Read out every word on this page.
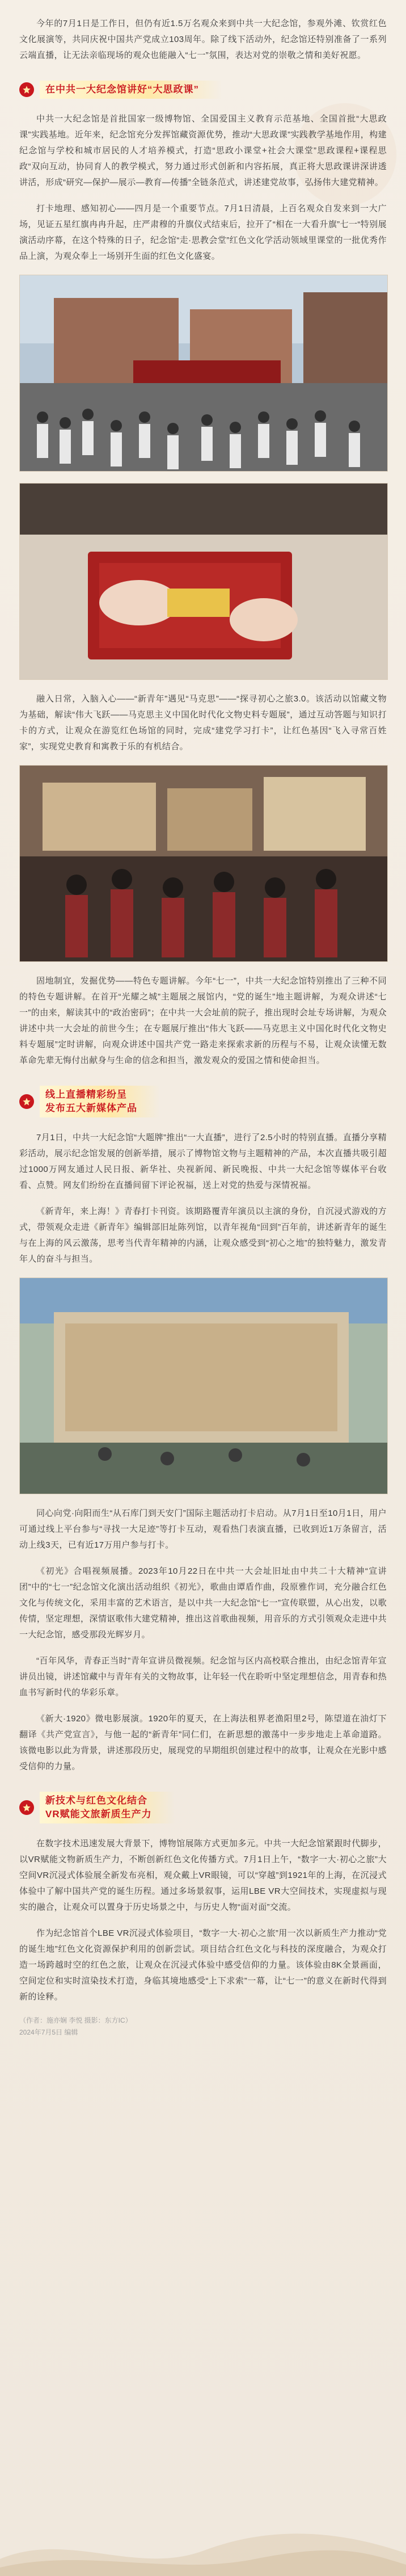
今年的7月1日是工作日，但仍有近1.5万名观众来到中共一大纪念馆，参观外滩、钦赏红色文化展演等，共同庆祝中国共产党成立103周年。除了线下活动外，纪念馆还特别准备了一系列云端直播，让无法亲临现场的观众也能融入“七一”氛围，表达对党的崇敬之情和美好祝愿。

在中共一大纪念馆讲好“大思政课”

中共一大纪念馆是首批国家一级博物馆、全国爱国主义教育示范基地、全国首批“大思政课”实践基地。近年来，纪念馆充分发挥馆藏资源优势，推动“大思政课”实践教学基地作用，构建纪念馆与学校和城市居民的人才培养模式，打造“思政小课堂+社会大课堂”思政课程+课程思政“双向互动，协同育人的教学模式，努力通过形式创新和内容拓展，真正将大思政课讲深讲透讲活，形成“研究—保护—展示—教育—传播”全链条范式，讲述建党故事，弘扬伟大建党精神。

打卡地理、感知初心——四月是一个重要节点。7月1日清晨，上百名观众自发来到一大广场，见证五星红旗冉冉升起，庄严肃穆的升旗仪式结束后，拉开了“相在一大看升旗”七一“特别展演活动序幕，在这个特殊的日子，纪念馆“走·思教会堂”红色文化学活动领域里课堂的一批优秀作品上演，为观众奉上一场别开生面的红色文化盛宴。

融入日常，入脑入心——“新青年”遇见“马克思”——“探寻初心之旅3.0。该活动以馆藏文物为基础，解读“伟大飞跃——马克思主义中国化时代化文物史料专题展”，通过互动答题与知识打卡的方式，让观众在游览红色场馆的同时，完成“建党学习打卡”，让红色基因“飞入寻常百姓家”，实现党史教育和寓教于乐的有机结合。

固地制宜，发掘优势——特色专题讲解。今年“七一”，中共一大纪念馆特别推出了三种不同的特色专题讲解。在首开“光耀之城”主题展之展馆内，“党的诞生”地主题讲解，为观众讲述“七一”的由来，解读其中的“政治密码”；在中共一大会址前的院子，推出现时会址专场讲解，为观众讲述中共一大会址的前世今生；在专题展厅推出“伟大飞跃——马克思主义中国化时代化文物史料专题展”定时讲解，向观众讲述中国共产党一路走来探索求新的历程与不易，让观众读懂无数革命先辈无悔付出献身与生命的信念和担当，激发观众的爱国之情和使命担当。

线上直播精彩纷呈
发布五大新媒体产品

7月1日，中共一大纪念馆“大题牌”推出“一大直播”，进行了2.5小时的特别直播。直播分享精彩活动，展示纪念馆发展的创新举措，展示了博物馆文物与主题精神的产品，本次直播共吸引超过1000万网友通过人民日报、新华社、央视新闻、新民晚报、中共一大纪念馆等媒体平台收看、点赞。网友们纷纷在直播间留下评论祝福，送上对党的热爱与深情祝福。

《新青年，来上海！》青春打卡刊资。该期路覆青年演员以主演的身份，自沉浸式游戏的方式，带领观众走进《新青年》编辑部旧址陈列馆，以青年视角“回到”百年前，讲述新青年的诞生与在上海的风云激荡，思考当代青年精神的内涵，让观众感受到“初心之地”的独特魅力，激发青年人的奋斗与担当。

同心向党·向阳而生“从石库门到天安门”国际主题活动打卡启动。从7月1日至10月1日，用户可通过线上平台参与“寻找一大足迹”等打卡互动，观看热门表演直播，已收到近1万条留言，活动上线3天，已有近17万用户参与打卡。

《初光》合唱视频展播。2023年10月22日在中共一大会址旧址由中共二十大精神“宣讲团”中的“七一”纪念馆文化演出活动组织《初光》，歌曲由谭盾作曲，段原雅作词，充分融合红色文化与传统文化，采用丰富的艺术语言，是以中共一大纪念馆“七一”宣传联盟，从心出发，以歌传情，坚定理想，深情讴歌伟大建党精神，推出这首歌曲视频，用音乐的方式引领观众走进中共一大纪念馆，感受那段光辉岁月。

“百年风华，青春正当时”青年宣讲员微视频。纪念馆与区内高校联合推出，由纪念馆青年宣讲员出镜，讲述馆藏中与青年有关的文物故事，让年轻一代在聆听中坚定理想信念，用青春和热血书写新时代的华彩乐章。

《新大·1920》微电影展演。1920年的夏天，在上海法租界老渔阳里2号，陈望道在油灯下翻译《共产党宣言》，与他一起的“新青年”同仁们，在新思想的激荡中一步步地走上革命道路。该微电影以此为背景，讲述那段历史，展现党的早期组织创建过程中的故事，让观众在光影中感受信仰的力量。

新技术与红色文化结合
VR赋能文旅新质生产力

在数字技术迅速发展大背景下，博物馆展陈方式更加多元。中共一大纪念馆紧跟时代脚步，以VR赋能文物新质生产力，不断创新红色文化传播方式。7月1日上午，“数字一大·初心之旅”大空间VR沉浸式体验展全新发布亮相，观众戴上VR眼镜，可以“穿越”到1921年的上海，在沉浸式体验中了解中国共产党的诞生历程。通过多场景叙事，运用LBE VR大空间技术，实现虚拟与现实的融合，让观众可以置身于历史场景之中，与历史人物“面对面”交流。

作为纪念馆首个LBE VR沉浸式体验项目，“数字一大·初心之旅”用一次以新质生产力推动“党的诞生地”红色文化资源保护利用的创新尝试。项目结合红色文化与科技的深度融合，为观众打造一场跨越时空的红色之旅，让观众在沉浸式体验中感受信仰的力量。该体验由8K全景画面，空间定位和实时渲染技术打造，身临其境地感受“上下求索”一幕，让“七一”的意义在新时代得到新的诠释。

（作者：施亦娴 李悦 摄影：东方IC）
2024年7月5日 编辑
